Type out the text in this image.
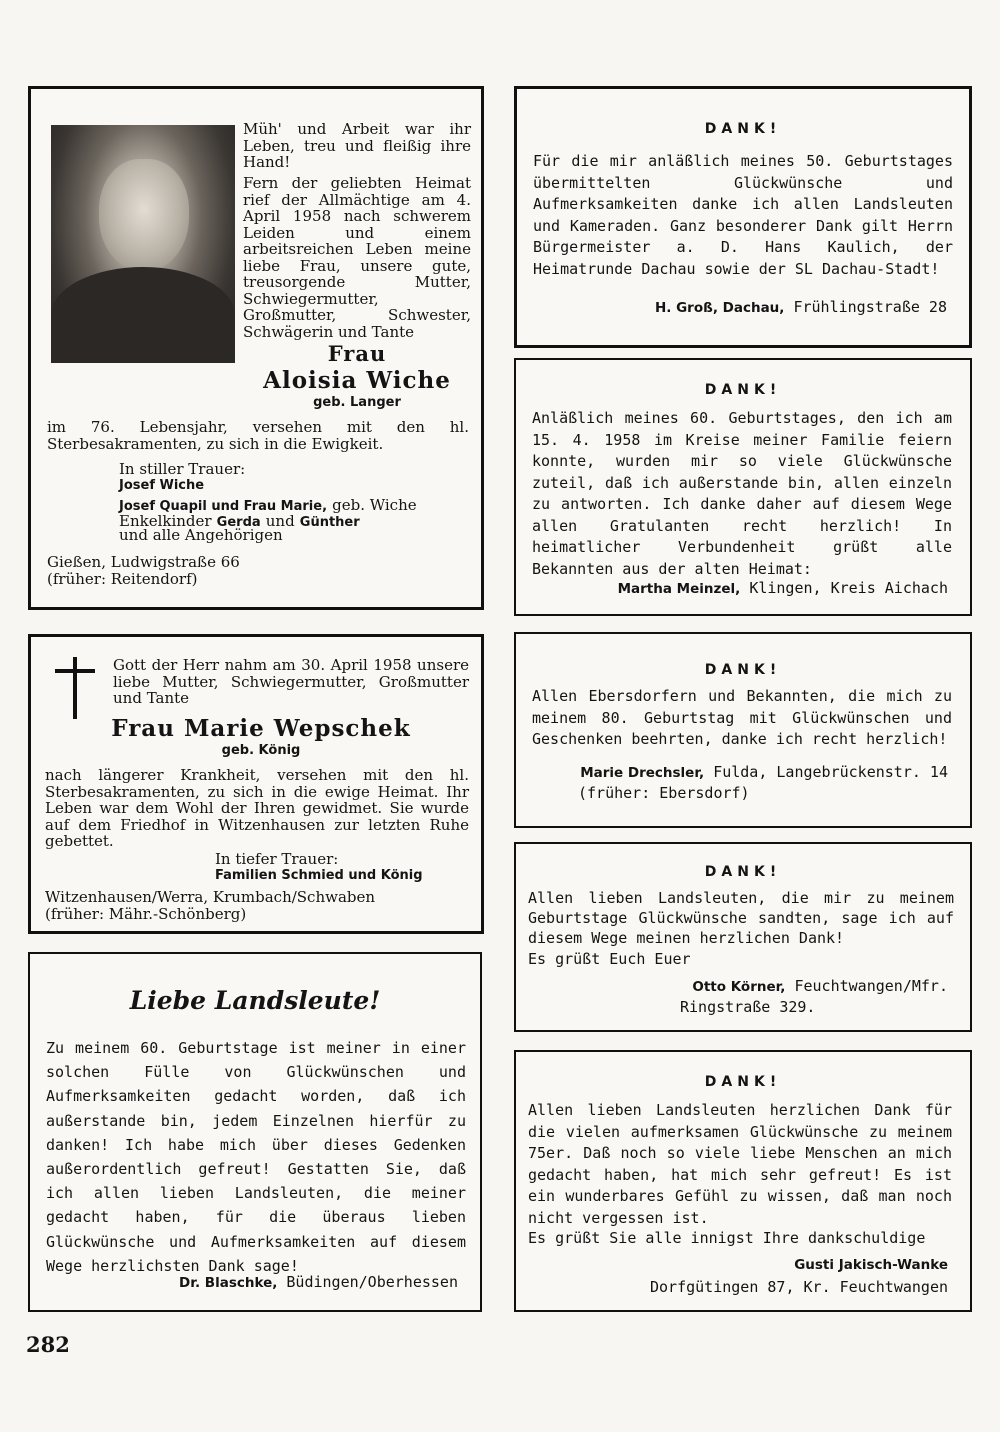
Müh' und Arbeit war ihr Leben, treu und fleißig ihre Hand!
Fern der geliebten Heimat rief der Allmächtige am 4. April 1958 nach schwerem Leiden und einem arbeitsreichen Leben meine liebe Frau, unsere gute, treusorgende Mutter, Schwiegermutter, Großmutter, Schwester, Schwägerin und Tante
Frau
Aloisia Wiche
geb. Langer
im 76. Lebensjahr, versehen mit den hl. Sterbesakramenten, zu sich in die Ewigkeit.
In stiller Trauer:
Josef Wiche
Josef Quapil und Frau Marie, geb. Wiche
Enkelkinder Gerda und Günther
und alle Angehörigen
Gießen, Ludwigstraße 66
(früher: Reitendorf)
Gott der Herr nahm am 30. April 1958 unsere liebe Mutter, Schwiegermutter, Großmutter und Tante
Frau Marie Wepschek
geb. König
nach längerer Krankheit, versehen mit den hl. Sterbesakramenten, zu sich in die ewige Heimat. Ihr Leben war dem Wohl der Ihren gewidmet. Sie wurde auf dem Friedhof in Witzenhausen zur letzten Ruhe gebettet.
In tiefer Trauer:
Familien Schmied und König
Witzenhausen/Werra, Krumbach/Schwaben
(früher: Mähr.-Schönberg)
Liebe Landsleute!
Zu meinem 60. Geburtstage ist meiner in einer solchen Fülle von Glückwünschen und Aufmerksamkeiten gedacht worden, daß ich außerstande bin, jedem Einzelnen hierfür zu danken! Ich habe mich über dieses Gedenken außerordentlich gefreut! Gestatten Sie, daß ich allen lieben Landsleuten, die meiner gedacht haben, für die überaus lieben Glückwünsche und Aufmerksamkeiten auf diesem Wege herzlichsten Dank sage!
Dr. Blaschke, Büdingen/Oberhessen
DANK!
Für die mir anläßlich meines 50. Geburtstages übermittelten Glückwünsche und Aufmerksamkeiten danke ich allen Landsleuten und Kameraden. Ganz besonderer Dank gilt Herrn Bürgermeister a. D. Hans Kaulich, der Heimatrunde Dachau sowie der SL Dachau-Stadt!
H. Groß, Dachau, Frühlingstraße 28
DANK!
Anläßlich meines 60. Geburtstages, den ich am 15. 4. 1958 im Kreise meiner Familie feiern konnte, wurden mir so viele Glückwünsche zuteil, daß ich außerstande bin, allen einzeln zu antworten. Ich danke daher auf diesem Wege allen Gratulanten recht herzlich! In heimatlicher Verbundenheit grüßt alle Bekannten aus der alten Heimat:
Martha Meinzel, Klingen, Kreis Aichach
DANK!
Allen Ebersdorfern und Bekannten, die mich zu meinem 80. Geburtstag mit Glückwünschen und Geschenken beehrten, danke ich recht herzlich!
Marie Drechsler, Fulda, Langebrückenstr. 14
(früher: Ebersdorf)
DANK!
Allen lieben Landsleuten, die mir zu meinem Geburtstage Glückwünsche sandten, sage ich auf diesem Wege meinen herzlichen Dank!
Es grüßt Euch Euer
Otto Körner, Feuchtwangen/Mfr.
Ringstraße 329.
DANK!
Allen lieben Landsleuten herzlichen Dank für die vielen aufmerksamen Glückwünsche zu meinem 75er. Daß noch so viele liebe Menschen an mich gedacht haben, hat mich sehr gefreut! Es ist ein wunderbares Gefühl zu wissen, daß man noch nicht vergessen ist.
Es grüßt Sie alle innigst Ihre dankschuldige
Gusti Jakisch-Wanke
Dorfgütingen 87, Kr. Feuchtwangen
282
